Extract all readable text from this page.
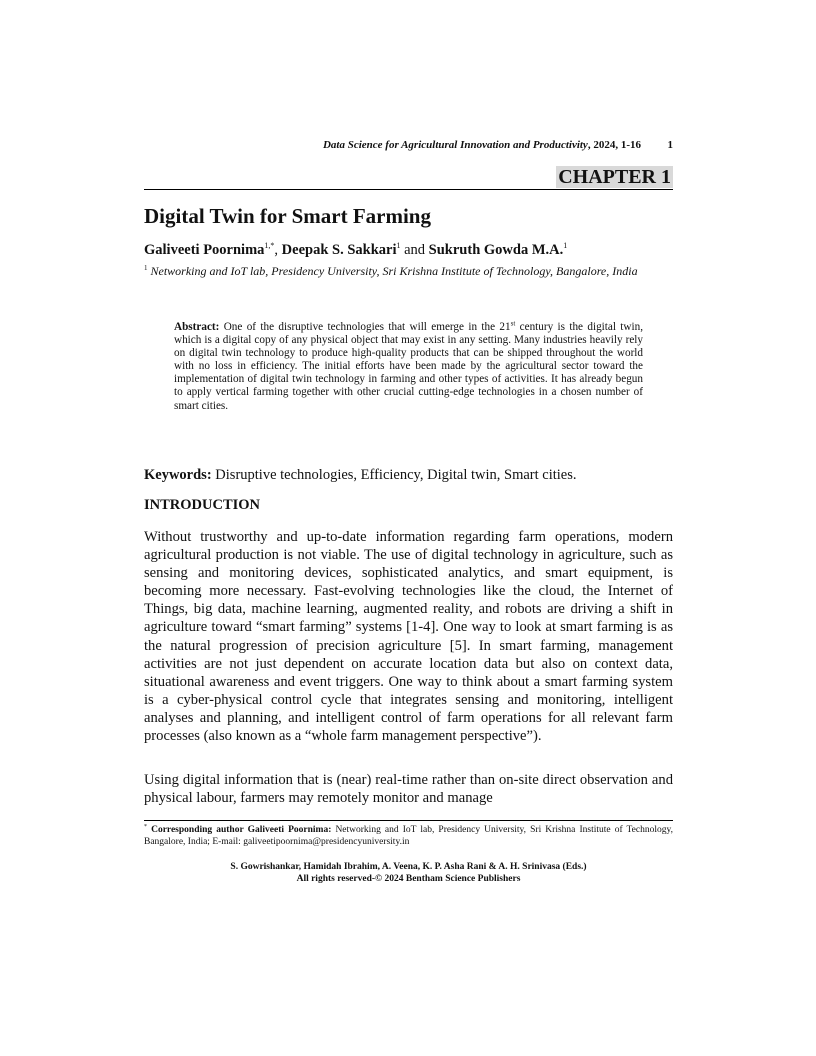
Data Science for Agricultural Innovation and Productivity, 2024, 1-16 1
CHAPTER 1
Digital Twin for Smart Farming
Galiveeti Poornima$^{1,*}$, Deepak S. Sakkari$^1$ and Sukruth Gowda M.A.$^1$
$^1$ Networking and IoT lab, Presidency University, Sri Krishna Institute of Technology, Bangalore, India
Abstract: One of the disruptive technologies that will emerge in the 21st century is the digital twin, which is a digital copy of any physical object that may exist in any setting. Many industries heavily rely on digital twin technology to produce high-quality products that can be shipped throughout the world with no loss in efficiency. The initial efforts have been made by the agricultural sector toward the implementation of digital twin technology in farming and other types of activities. It has already begun to apply vertical farming together with other crucial cutting-edge technologies in a chosen number of smart cities.
Keywords: Disruptive technologies, Efficiency, Digital twin, Smart cities.
INTRODUCTION

Without trustworthy and up-to-date information regarding farm operations, modern agricultural production is not viable. The use of digital technology in agriculture, such as sensing and monitoring devices, sophisticated analytics, and smart equipment, is becoming more necessary. Fast-evolving technologies like the cloud, the Internet of Things, big data, machine learning, augmented reality, and robots are driving a shift in agriculture toward “smart farming” systems [1-4]. One way to look at smart farming is as the natural progression of precision agriculture [5]. In smart farming, management activities are not just dependent on accurate location data but also on context data, situational awareness and event triggers. One way to think about a smart farming system is a cyber-physical control cycle that integrates sensing and monitoring, intelligent analyses and planning, and intelligent control of farm operations for all relevant farm processes (also known as a “whole farm management perspective”).

Using digital information that is (near) real-time rather than on-site direct observation and physical labour, farmers may remotely monitor and manage

* Corresponding author Galiveeti Poornima: Networking and IoT lab, Presidency University, Sri Krishna Institute of Technology, Bangalore, India; E-mail: galiveetipoornima@presidencyuniversity.in
S. Gowrishankar, Hamidah Ibrahim, A. Veena, K. P. Asha Rani & A. H. Srinivasa (Eds.)
All rights reserved-© 2024 Bentham Science Publishers
